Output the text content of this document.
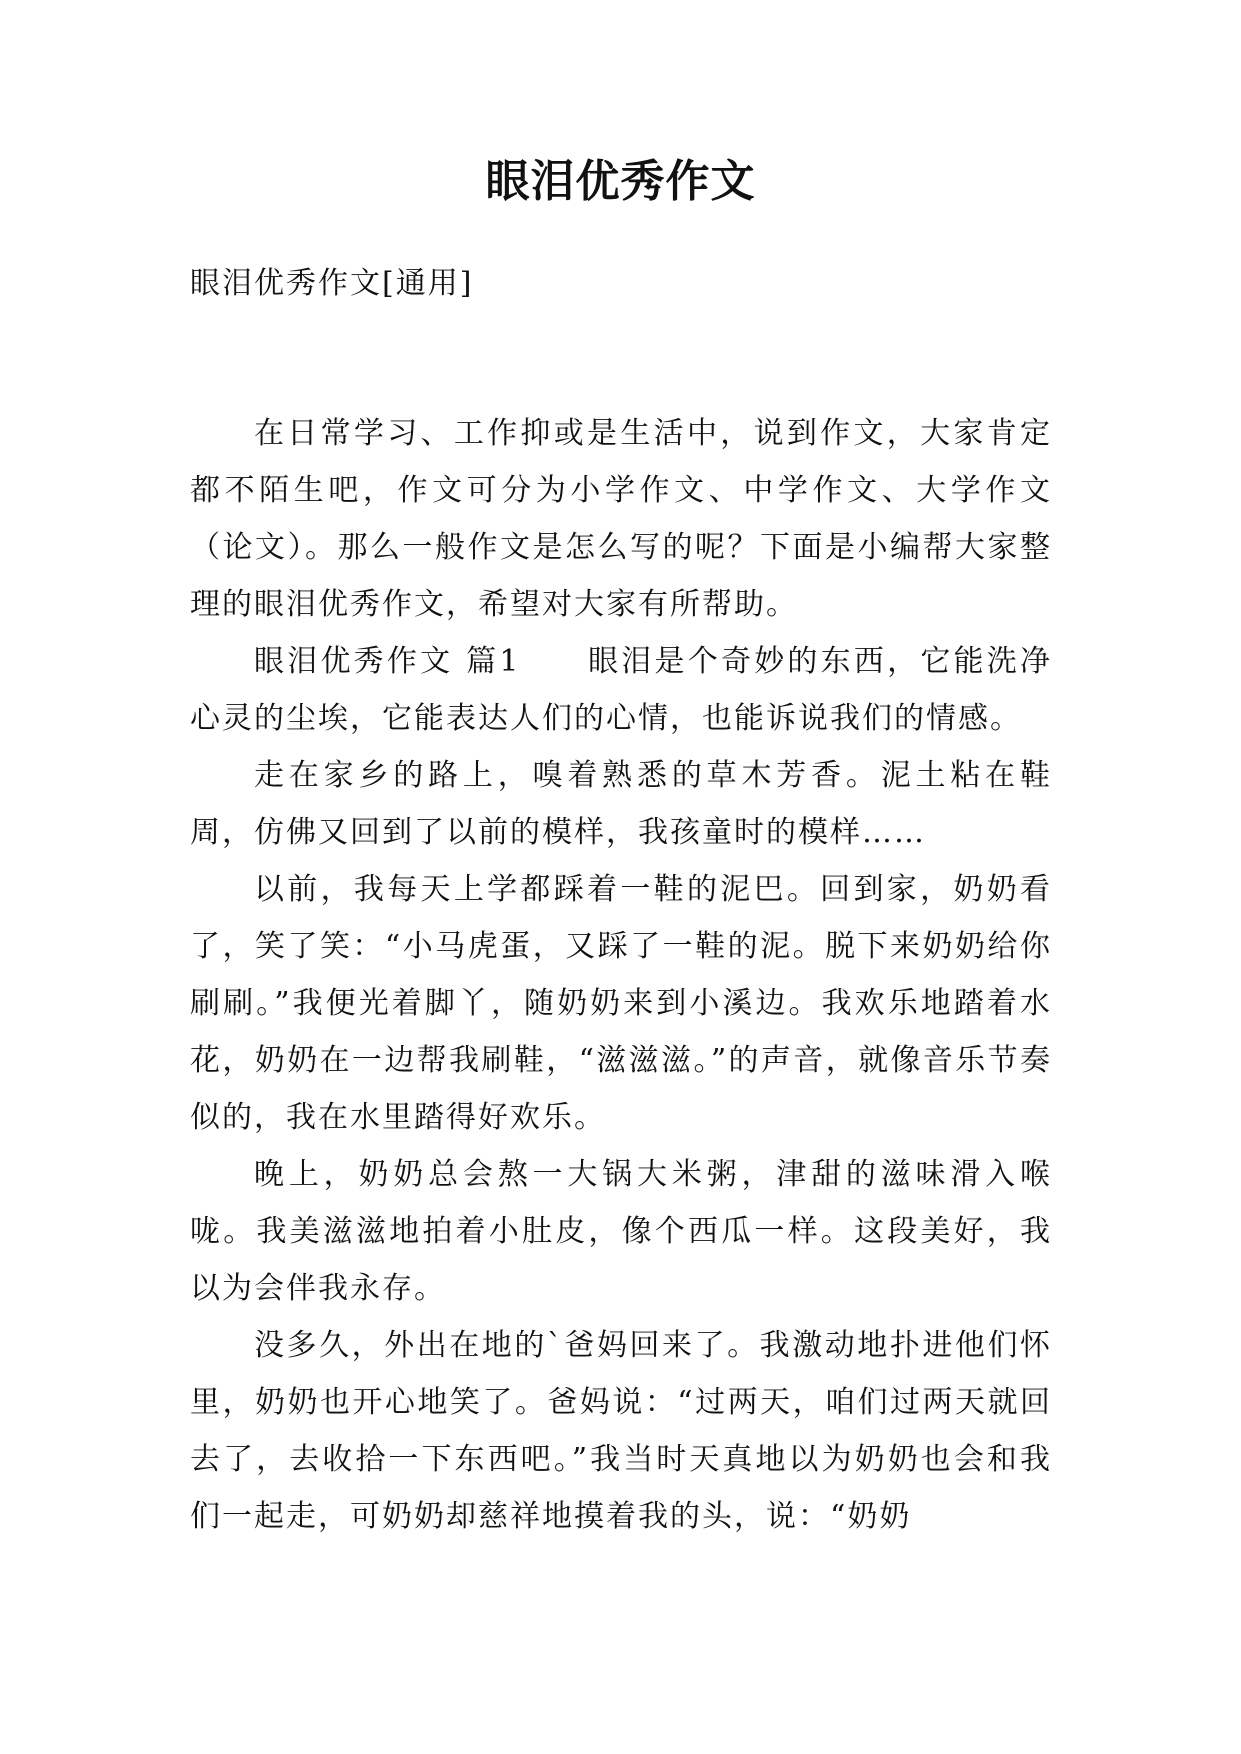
眼泪优秀作文
眼泪优秀作文[通用]

在日常学习、工作抑或是生活中，说到作文，大家肯定都不陌生吧，作文可分为小学作文、中学作文、大学作文（论文）。那么一般作文是怎么写的呢？下面是小编帮大家整理的眼泪优秀作文，希望对大家有所帮助。

眼泪优秀作文 篇1　　眼泪是个奇妙的东西，它能洗净心灵的尘埃，它能表达人们的心情，也能诉说我们的情感。

走在家乡的路上，嗅着熟悉的草木芳香。泥土粘在鞋周，仿佛又回到了以前的模样，我孩童时的模样……

以前，我每天上学都踩着一鞋的泥巴。回到家，奶奶看了，笑了笑：“小马虎蛋，又踩了一鞋的泥。脱下来奶奶给你刷刷。”我便光着脚丫，随奶奶来到小溪边。我欢乐地踏着水花，奶奶在一边帮我刷鞋，“滋滋滋。”的声音，就像音乐节奏似的，我在水里踏得好欢乐。

晚上，奶奶总会熬一大锅大米粥，津甜的滋味滑入喉咙。我美滋滋地拍着小肚皮，像个西瓜一样。这段美好，我以为会伴我永存。

没多久，外出在地的`爸妈回来了。我激动地扑进他们怀里，奶奶也开心地笑了。爸妈说：“过两天，咱们过两天就回去了，去收拾一下东西吧。”我当时天真地以为奶奶也会和我们一起走，可奶奶却慈祥地摸着我的头，说：“奶奶
